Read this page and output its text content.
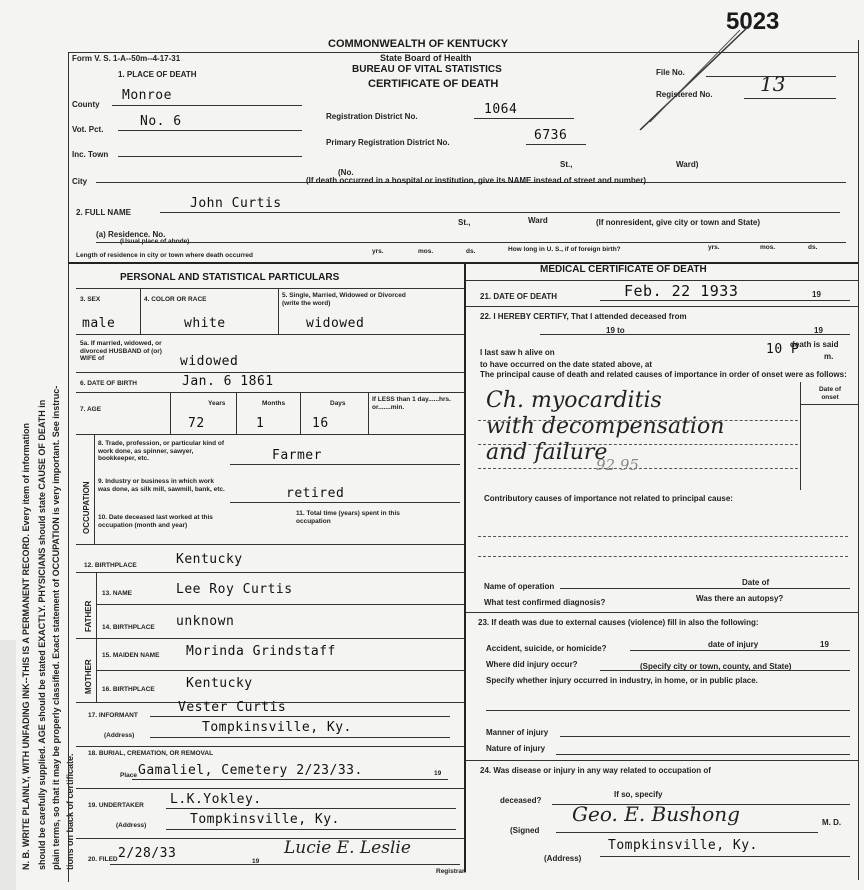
N. B. WRITE PLAINLY, WITH UNFADING INK--THIS IS A PERMANENT RECORD. Every item of information should be carefully supplied. AGE should be stated EXACTLY. PHYSICIANS should state CAUSE OF DEATH in plain terms, so that it may be properly classified. Exact statement of OCCUPATION is very important. See instruc- tions on back of certificate.
5023
Form V. S. 1-A--50m--4-17-31
COMMONWEALTH OF KENTUCKY
State Board of Health
BUREAU OF VITAL STATISTICS
CERTIFICATE OF DEATH
1. PLACE OF DEATH
County
Monroe
Vot. Pct.
No. 6
Inc. Town
City
(No.
St.,	Ward)
(If death occurred in a hospital or institution, give its NAME instead of street and number)
File No.
Registered No. 13
Registration District No.	1064
Primary Registration District No.	6736
2. FULL NAME
John Curtis
(a) Residence. No.
(Usual place of abode)
St.,	Ward	(If nonresident, give city or town and State)
Length of residence in city or town where death occurred
yrs.	mos.	ds.	How long in U. S., if of foreign birth?	yrs.	mos.	ds.
PERSONAL AND STATISTICAL PARTICULARS
3. SEX
male
4. COLOR OR RACE
white
5. Single, Married, Widowed or Divorced (write the word)
widowed
5a. If married, widowed, or divorced HUSBAND of (or) WIFE of	widowed
6. DATE OF BIRTH	Jan. 6 1861
7. AGE
Years
72
Months
1
Days
16
If LESS than 1 day......hrs. or.......min.
OCCUPATION
8. Trade, profession, or particular kind of work done, as spinner, sawyer, bookkeeper, etc.	Farmer
9. Industry or business in which work was done, as silk mill, sawmill, bank, etc.	retired
10. Date deceased last worked at this occupation (month and year)
11. Total time (years) spent in this occupation
12. BIRTHPLACE	Kentucky
FATHER
13. NAME	Lee Roy Curtis
14. BIRTHPLACE unknown
MOTHER
15. MAIDEN NAME Morinda Grindstaff
16. BIRTHPLACE Kentucky
17. INFORMANT
Vester Curtis
(Address)
Tompkinsville, Ky.
18. BURIAL, CREMATION, OR REMOVAL
Place Gamaliel, Cemetery 2/23/33.	19
19. UNDERTAKER L.K.Yokley.
(Address)	Tompkinsville, Ky.
20. FILED 2/28/33
19
Lucie E. Leslie
Registrar.
MEDICAL CERTIFICATE OF DEATH
21. DATE OF DEATH	Feb. 22 1933	19
22. I HEREBY CERTIFY, That I attended deceased from
19 to	19
I last saw h alive on	10 P
death is said
m.
to have occurred on the date stated above, at
The principal cause of death and related causes of importance in order of onset were as follows:
Date of onset
Ch. myocarditis
with decompensation
and failure
92 95
Contributory causes of importance not related to principal cause:
Name of operation	Date of
What test confirmed diagnosis?	Was there an autopsy?
23. If death was due to external causes (violence) fill in also the following:
Accident, suicide, or homicide?	date of injury	19
Where did injury occur?	(Specify city or town, county, and State)
Specify whether injury occurred in industry, in home, or in public place.
Manner of injury
Nature of injury
24. Was disease or injury in any way related to occupation of
deceased?
If so, specify
(Signed
Geo. E. Bushong	M. D.
(Address)
Tompkinsville, Ky.
